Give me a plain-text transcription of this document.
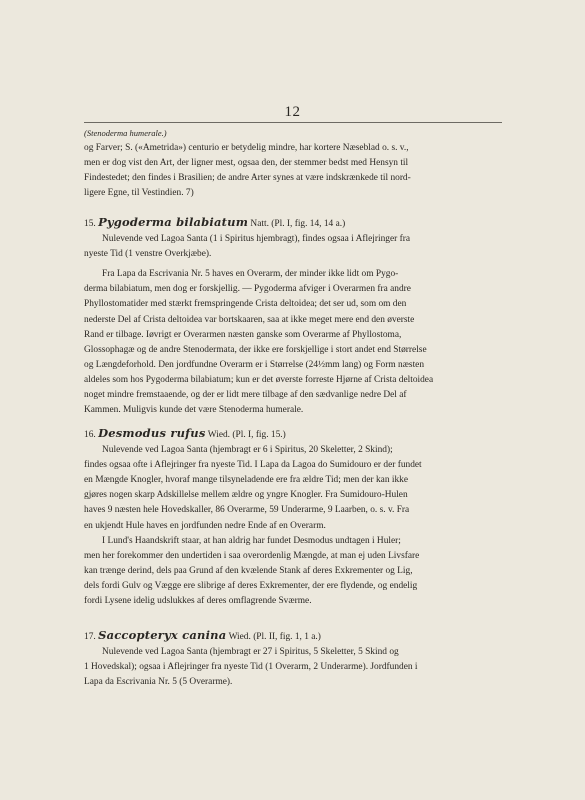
12
(Stenoderma humerale.)
og Farver; S. («Ametrida») centurio er betydelig mindre, har kortere Næseblad o. s. v.,
men er dog vist den Art, der ligner mest, ogsaa den, der stemmer bedst med Hensyn til
Findestedet; den findes i Brasilien; de andre Arter synes at være indskrænkede til nord-
ligere Egne, til Vestindien. 7)
15. Pygoderma bilabiatum Natt. (Pl. I, fig. 14, 14 a.)
Nulevende ved Lagoa Santa (1 i Spiritus hjembragt), findes ogsaa i Aflejringer fra
nyeste Tid (1 venstre Overkjæbe).
Fra Lapa da Escrivania Nr. 5 haves en Overarm, der minder ikke lidt om Pygo-
derma bilabiatum, men dog er forskjellig. — Pygoderma afviger i Overarmen fra andre
Phyllostomatider med stærkt fremspringende Crista deltoidea; det ser ud, som om den
nederste Del af Crista deltoidea var bortskaaren, saa at ikke meget mere end den øverste
Rand er tilbage. Iøvrigt er Overarmen næsten ganske som Overarme af Phyllostoma,
Glossophagæ og de andre Stenodermata, der ikke ere forskjellige i stort andet end Størrelse
og Længdeforhold. Den jordfundne Overarm er i Størrelse (24½mm lang) og Form næsten
aldeles som hos Pygoderma bilabiatum; kun er det øverste forreste Hjørne af Crista deltoidea
noget mindre fremstaaende, og der er lidt mere tilbage af den sædvanlige nedre Del af
Kammen. Muligvis kunde det være Stenoderma humerale.
16. Desmodus rufus Wied. (Pl. I, fig. 15.)
Nulevende ved Lagoa Santa (hjembragt er 6 i Spiritus, 20 Skeletter, 2 Skind);
findes ogsaa ofte i Aflejringer fra nyeste Tid. I Lapa da Lagoa do Sumidouro er der fundet
en Mængde Knogler, hvoraf mange tilsyneladende ere fra ældre Tid; men der kan ikke
gjøres nogen skarp Adskillelse mellem ældre og yngre Knogler. Fra Sumidouro-Hulen
haves 9 næsten hele Hovedskaller, 86 Overarme, 59 Underarme, 9 Laarben, o. s. v. Fra
en ukjendt Hule haves en jordfunden nedre Ende af en Overarm.
I Lund's Haandskrift staar, at han aldrig har fundet Desmodus undtagen i Huler;
men her forekommer den undertiden i saa overordenlig Mængde, at man ej uden Livsfare
kan trænge derind, dels paa Grund af den kvælende Stank af deres Exkrementer og Lig,
dels fordi Gulv og Vægge ere slibrige af deres Exkrementer, der ere flydende, og endelig
fordi Lysene idelig udslukkes af deres omflagrende Sværme.
17. Saccopteryx canina Wied. (Pl. II, fig. 1, 1 a.)
Nulevende ved Lagoa Santa (hjembragt er 27 i Spiritus, 5 Skeletter, 5 Skind og
1 Hovedskal); ogsaa i Aflejringer fra nyeste Tid (1 Overarm, 2 Underarme). Jordfunden i
Lapa da Escrivania Nr. 5 (5 Overarme).
